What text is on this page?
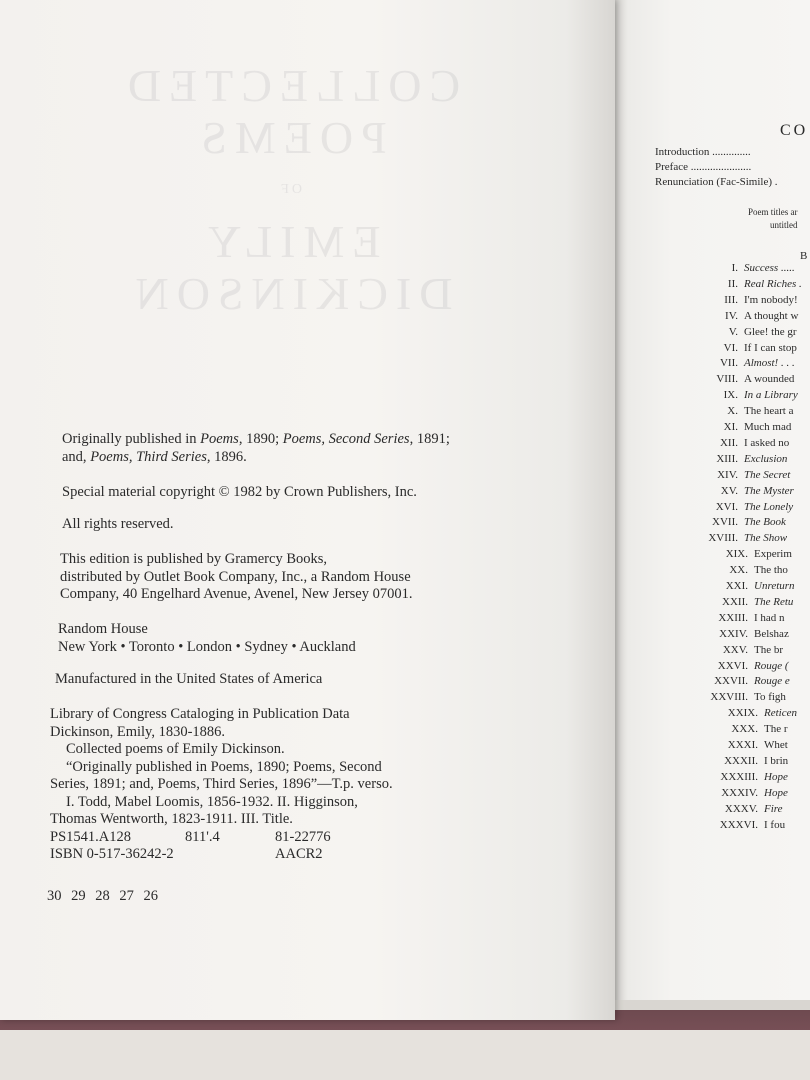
COLLECTED
POEMS
OF
EMILY
DICKINSON
Originally published in Poems, 1890; Poems, Second Series, 1891;
and, Poems, Third Series, 1896.
Special material copyright © 1982 by Crown Publishers, Inc.
All rights reserved.
This edition is published by Gramercy Books,
distributed by Outlet Book Company, Inc., a Random House
Company, 40 Engelhard Avenue, Avenel, New Jersey 07001.
Random House
New York • Toronto • London • Sydney • Auckland
Manufactured in the United States of America
Library of Congress Cataloging in Publication Data
Dickinson, Emily, 1830-1886.
Collected poems of Emily Dickinson.
“Originally published in Poems, 1890; Poems, Second
Series, 1891; and, Poems, Third Series, 1896”—T.p. verso.
I. Todd, Mabel Loomis, 1856-1932. II. Higginson,
Thomas Wentworth, 1823-1911. III. Title.
PS1541.A128	811'.4	81-22776
ISBN 0-517-36242-2	AACR2
30 29 28 27 26
CO
Introduction ..............
Preface ......................
Renunciation (Fac-Simile) .
Poem titles ar
untitled
B
I. Success .....
II. Real Riches .
III. I'm nobody!
IV. A thought w
V. Glee! the gr
VI. If I can stop
VII. Almost! . . .
VIII. A wounded
IX. In a Library
X. The heart a
XI. Much mad
XII. I asked no
XIII. Exclusion
XIV. The Secret
XV. The Myster
XVI. The Lonely
XVII. The Book
XVIII. The Show
XIX. Experim
XX. The tho
XXI. Unreturn
XXII. The Retu
XXIII. I had n
XXIV. Belshaz
XXV. The br
XXVI. Rouge (
XXVII. Rouge e
XXVIII. To figh
XXIX. Reticen
XXX. The r
XXXI. Whet
XXXII. I brin
XXXIII. Hope
XXXIV. Hope
XXXV. Fire
XXXVI. I fou
